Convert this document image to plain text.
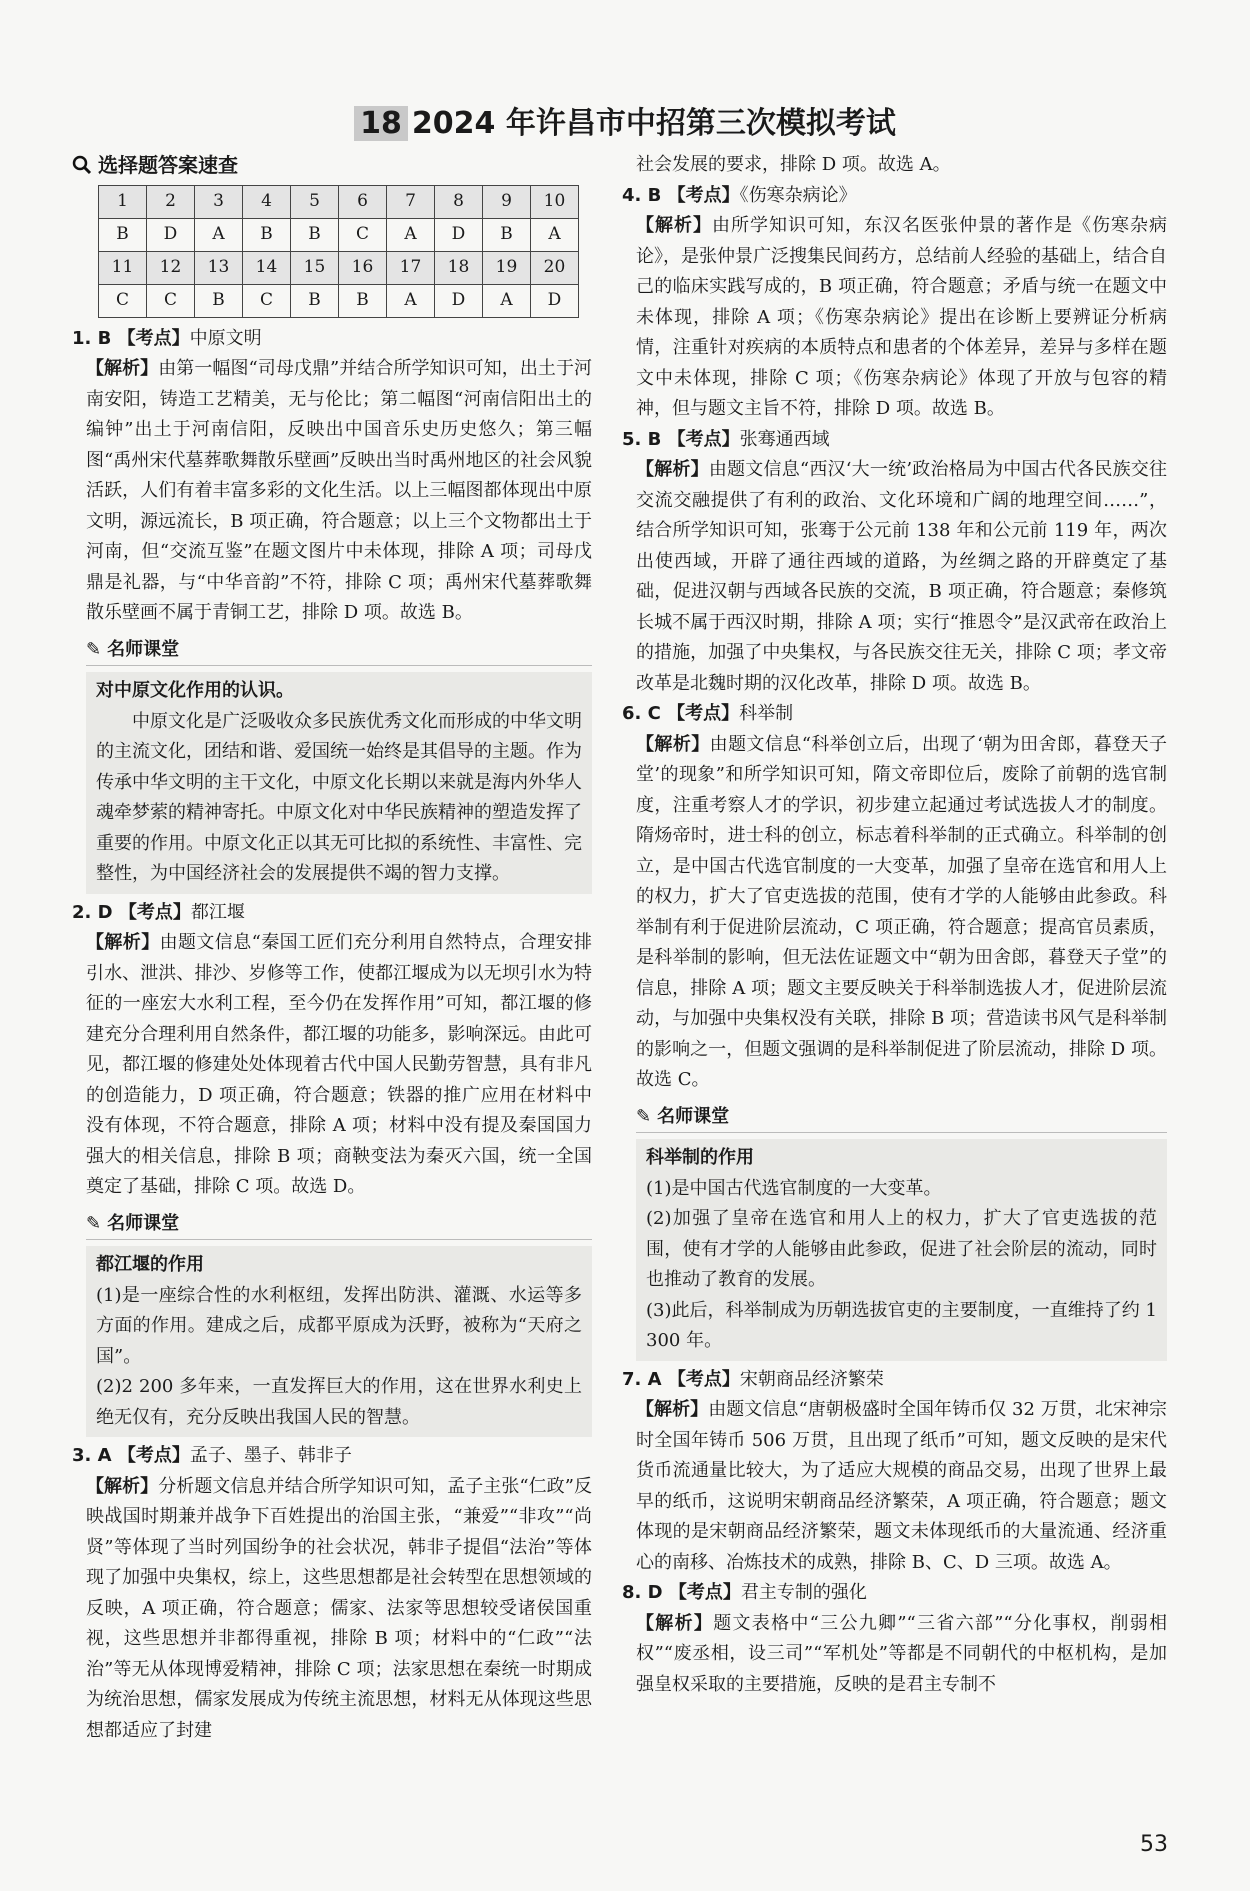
18 2024 年许昌市中招第三次模拟考试
选择题答案速查
1	2	3	4	5	6	7	8	9	10
B	D	A	B	B	C	A	D	B	A
11	12	13	14	15	16	17	18	19	20
C	C	B	C	B	B	A	D	A	D
1. B 【考点】中原文明

【解析】由第一幅图“司母戊鼎”并结合所学知识可知，出土于河南安阳，铸造工艺精美，无与伦比；第二幅图“河南信阳出土的编钟”出土于河南信阳，反映出中国音乐史历史悠久；第三幅图“禹州宋代墓葬歌舞散乐壁画”反映出当时禹州地区的社会风貌活跃，人们有着丰富多彩的文化生活。以上三幅图都体现出中原文明，源远流长，B 项正确，符合题意；以上三个文物都出土于河南，但“交流互鉴”在题文图片中未体现，排除 A 项；司母戊鼎是礼器，与“中华音韵”不符，排除 C 项；禹州宋代墓葬歌舞散乐壁画不属于青铜工艺，排除 D 项。故选 B。

✎ 名师课堂
对中原文化作用的认识。

中原文化是广泛吸收众多民族优秀文化而形成的中华文明的主流文化，团结和谐、爱国统一始终是其倡导的主题。作为传承中华文明的主干文化，中原文化长期以来就是海内外华人魂牵梦萦的精神寄托。中原文化对中华民族精神的塑造发挥了重要的作用。中原文化正以其无可比拟的系统性、丰富性、完整性，为中国经济社会的发展提供不竭的智力支撑。

2. D 【考点】都江堰

【解析】由题文信息“秦国工匠们充分利用自然特点，合理安排引水、泄洪、排沙、岁修等工作，使都江堰成为以无坝引水为特征的一座宏大水利工程，至今仍在发挥作用”可知，都江堰的修建充分合理利用自然条件，都江堰的功能多，影响深远。由此可见，都江堰的修建处处体现着古代中国人民勤劳智慧，具有非凡的创造能力，D 项正确，符合题意；铁器的推广应用在材料中没有体现，不符合题意，排除 A 项；材料中没有提及秦国国力强大的相关信息，排除 B 项；商鞅变法为秦灭六国，统一全国奠定了基础，排除 C 项。故选 D。

✎ 名师课堂
都江堰的作用

(1)是一座综合性的水利枢纽，发挥出防洪、灌溉、水运等多方面的作用。建成之后，成都平原成为沃野，被称为“天府之国”。

(2)2 200 多年来，一直发挥巨大的作用，这在世界水利史上绝无仅有，充分反映出我国人民的智慧。

3. A 【考点】孟子、墨子、韩非子

【解析】分析题文信息并结合所学知识可知，孟子主张“仁政”反映战国时期兼并战争下百姓提出的治国主张，“兼爱”“非攻”“尚贤”等体现了当时列国纷争的社会状况，韩非子提倡“法治”等体现了加强中央集权，综上，这些思想都是社会转型在思想领域的反映，A 项正确，符合题意；儒家、法家等思想较受诸侯国重视，这些思想并非都得重视，排除 B 项；材料中的“仁政”“法治”等无从体现博爱精神，排除 C 项；法家思想在秦统一时期成为统治思想，儒家发展成为传统主流思想，材料无从体现这些思想都适应了封建

社会发展的要求，排除 D 项。故选 A。

4. B 【考点】《伤寒杂病论》

【解析】由所学知识可知，东汉名医张仲景的著作是《伤寒杂病论》，是张仲景广泛搜集民间药方，总结前人经验的基础上，结合自己的临床实践写成的，B 项正确，符合题意；矛盾与统一在题文中未体现，排除 A 项；《伤寒杂病论》提出在诊断上要辨证分析病情，注重针对疾病的本质特点和患者的个体差异，差异与多样在题文中未体现，排除 C 项；《伤寒杂病论》体现了开放与包容的精神，但与题文主旨不符，排除 D 项。故选 B。

5. B 【考点】张骞通西域

【解析】由题文信息“西汉‘大一统’政治格局为中国古代各民族交往交流交融提供了有利的政治、文化环境和广阔的地理空间……”，结合所学知识可知，张骞于公元前 138 年和公元前 119 年，两次出使西域，开辟了通往西域的道路，为丝绸之路的开辟奠定了基础，促进汉朝与西域各民族的交流，B 项正确，符合题意；秦修筑长城不属于西汉时期，排除 A 项；实行“推恩令”是汉武帝在政治上的措施，加强了中央集权，与各民族交往无关，排除 C 项；孝文帝改革是北魏时期的汉化改革，排除 D 项。故选 B。

6. C 【考点】科举制

【解析】由题文信息“科举创立后，出现了‘朝为田舍郎，暮登天子堂’的现象”和所学知识可知，隋文帝即位后，废除了前朝的选官制度，注重考察人才的学识，初步建立起通过考试选拔人才的制度。隋炀帝时，进士科的创立，标志着科举制的正式确立。科举制的创立，是中国古代选官制度的一大变革，加强了皇帝在选官和用人上的权力，扩大了官吏选拔的范围，使有才学的人能够由此参政。科举制有利于促进阶层流动，C 项正确，符合题意；提高官员素质，是科举制的影响，但无法佐证题文中“朝为田舍郎，暮登天子堂”的信息，排除 A 项；题文主要反映关于科举制选拔人才，促进阶层流动，与加强中央集权没有关联，排除 B 项；营造读书风气是科举制的影响之一，但题文强调的是科举制促进了阶层流动，排除 D 项。故选 C。

✎ 名师课堂
科举制的作用

(1)是中国古代选官制度的一大变革。

(2)加强了皇帝在选官和用人上的权力，扩大了官吏选拔的范围，使有才学的人能够由此参政，促进了社会阶层的流动，同时也推动了教育的发展。

(3)此后，科举制成为历朝选拔官吏的主要制度，一直维持了约 1 300 年。

7. A 【考点】宋朝商品经济繁荣

【解析】由题文信息“唐朝极盛时全国年铸币仅 32 万贯，北宋神宗时全国年铸币 506 万贯，且出现了纸币”可知，题文反映的是宋代货币流通量比较大，为了适应大规模的商品交易，出现了世界上最早的纸币，这说明宋朝商品经济繁荣，A 项正确，符合题意；题文体现的是宋朝商品经济繁荣，题文未体现纸币的大量流通、经济重心的南移、冶炼技术的成熟，排除 B、C、D 三项。故选 A。

8. D 【考点】君主专制的强化

【解析】题文表格中“三公九卿”“三省六部”“分化事权，削弱相权”“废丞相，设三司”“军机处”等都是不同朝代的中枢机构，是加强皇权采取的主要措施，反映的是君主专制不

53
